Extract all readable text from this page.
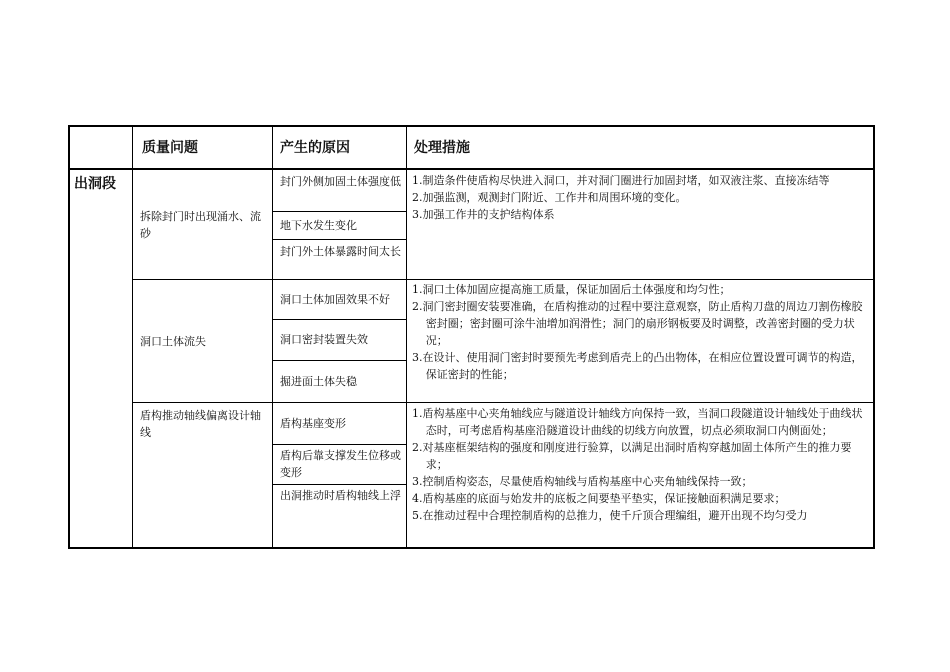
质量问题	产生的原因	处理措施
出洞段
拆除封门时出现涌水、流砂
封门外侧加固土体强度低
地下水发生变化
封门外土体暴露时间太长

1.制造条件使盾构尽快进入洞口，并对洞门圈进行加固封堵，如双液注浆、直接冻结等

2.加强监测，观测封门附近、工作井和周围环境的变化。

3.加强工作井的支护结构体系

洞口土体流失
洞口土体加固效果不好
洞口密封装置失效
掘进面土体失稳

1.洞口土体加固应提高施工质量，保证加固后土体强度和均匀性；

2.洞门密封圈安装要准确，在盾构推动的过程中要注意观察，防止盾构刀盘的周边刀割伤橡胶密封圈；密封圈可涂牛油增加润滑性；洞门的扇形钢板要及时调整，改善密封圈的受力状况；

3.在设计、使用洞门密封时要预先考虑到盾壳上的凸出物体，在相应位置设置可调节的构造，保证密封的性能；

盾构推动轴线偏离设计轴线
盾构基座变形
盾构后靠支撑发生位移或变形
出洞推动时盾构轴线上浮

1.盾构基座中心夹角轴线应与隧道设计轴线方向保持一致，当洞口段隧道设计轴线处于曲线状态时，可考虑盾构基座沿隧道设计曲线的切线方向放置，切点必须取洞口内侧面处；

2.对基座框架结构的强度和刚度进行验算，以满足出洞时盾构穿越加固土体所产生的推力要求；

3.控制盾构姿态，尽量使盾构轴线与盾构基座中心夹角轴线保持一致；

4.盾构基座的底面与始发井的底板之间要垫平垫实，保证接触面积满足要求；

5.在推动过程中合理控制盾构的总推力，使千斤顶合理编组，避开出现不均匀受力
